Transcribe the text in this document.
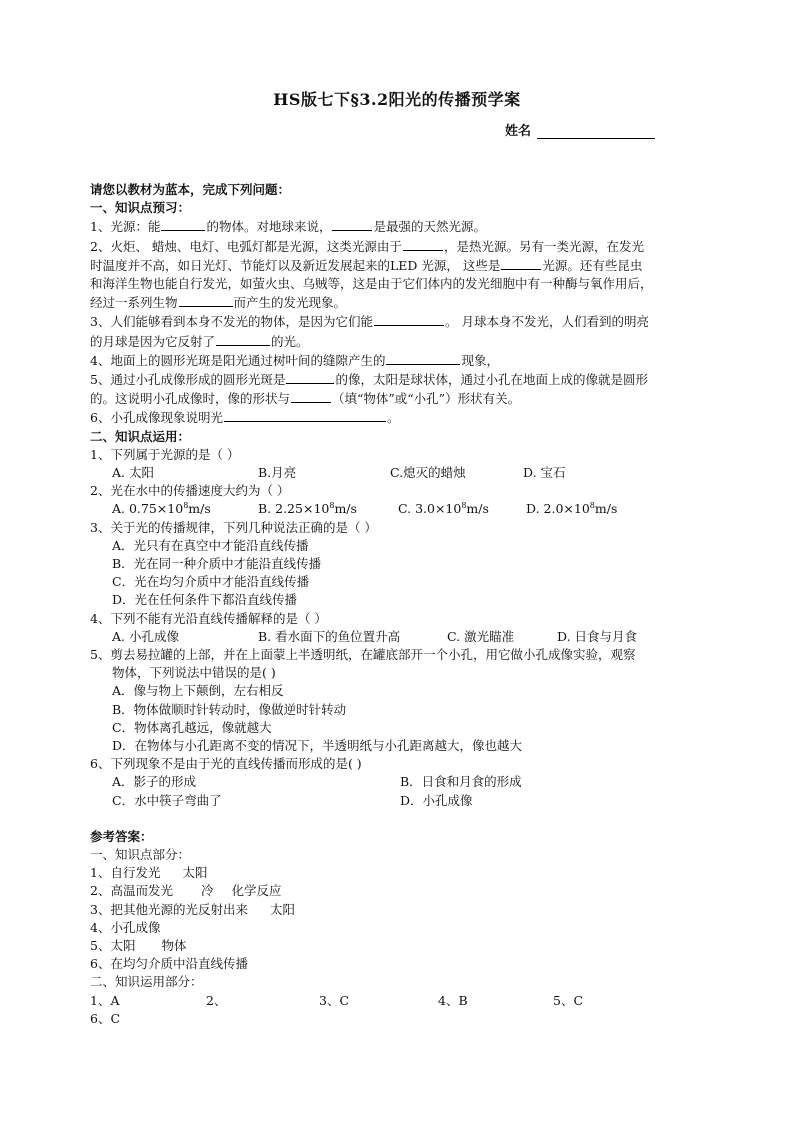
HS版七下§3.2阳光的传播预学案
姓名
请您以教材为蓝本，完成下列问题：
一、知识点预习：
1、光源：能	的物体。对地球来说，	是最强的天然光源。
2、火炬、 蜡烛、电灯、电弧灯都是光源，这类光源由于	，是热光源。另有一类光源，在发光
时温度并不高，如日光灯、节能灯以及新近发展起来的LED 光源， 这些是	光源。还有些昆虫
和海洋生物也能自行发光，如萤火虫、乌贼等，这是由于它们体内的发光细胞中有一种酶与氧作用后，
经过一系列生物	而产生的发光现象。
3、人们能够看到本身不发光的物体，是因为它们能	。 月球本身不发光，人们看到的明亮
的月球是因为它反射了	的光。
4、地面上的圆形光斑是阳光通过树叶间的缝隙产生的	现象，
5、通过小孔成像形成的圆形光斑是	的像，太阳是球状体，通过小孔在地面上成的像就是圆形
的。这说明小孔成像时，像的形状与	（填“物体”或“小孔”）形状有关。
6、小孔成像现象说明光	。
二、知识点运用：
1、下列属于光源的是（ ）
A. 太阳	B.月亮	C.熄灭的蜡烛	D. 宝石
2、光在水中的传播速度大约为（ ）
A. $0.75\times 10^8m/s$	B. $2.25\times 10^8m/s$	C. $3.0\times 10^8m/s$	D. $2.0\times 10^8m/s$
3、关于光的传播规律，下列几种说法正确的是（ ）
A．光只有在真空中才能沿直线传播
B．光在同一种介质中才能沿直线传播
C．光在均匀介质中才能沿直线传播
D．光在任何条件下都沿直线传播
4、下列不能有光沿直线传播解释的是（ ）
A. 小孔成像	B. 看水面下的鱼位置升高	C. 激光瞄准	D. 日食与月食
5、剪去易拉罐的上部，并在上面蒙上半透明纸，在罐底部开一个小孔，用它做小孔成像实验，观察
物体，下列说法中错误的是( )
A．像与物上下颠倒，左右相反
B．物体做顺时针转动时，像做逆时针转动
C．物体离孔越远，像就越大
D．在物体与小孔距离不变的情况下，半透明纸与小孔距离越大，像也越大
6、下列现象不是由于光的直线传播而形成的是( )
A．影子的形成	B．日食和月食的形成
C．水中筷子弯曲了	D．小孔成像
参考答案：
一、知识点部分：
1、自行发光 太阳
2、高温而发光 冷 化学反应
3、把其他光源的光反射出来 太阳
4、小孔成像
5、太阳 物体
6、在均匀介质中沿直线传播
二、知识运用部分：
1、A	2、	3、C	4、B	5、C
6、C
